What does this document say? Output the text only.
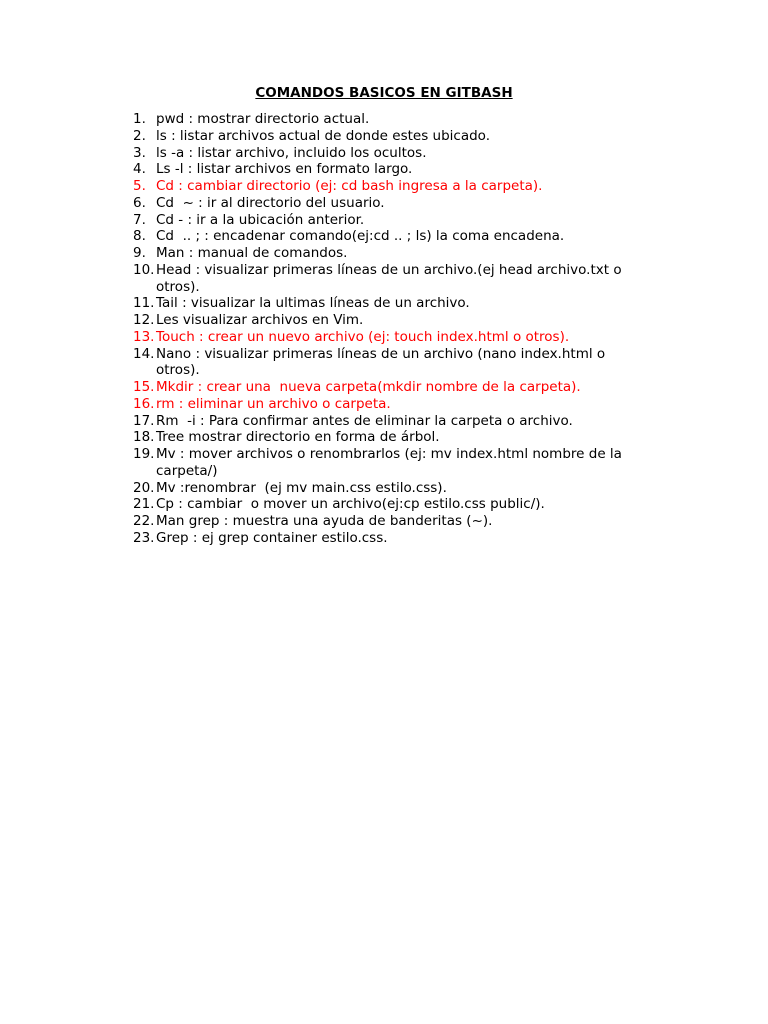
COMANDOS BASICOS EN GITBASH
1. pwd : mostrar directorio actual.
2. ls : listar archivos actual de donde estes ubicado.
3. ls -a : listar archivo, incluido los ocultos.
4. Ls -l : listar archivos en formato largo.
5. Cd : cambiar directorio (ej: cd bash ingresa a la carpeta).
6. Cd  ~ : ir al directorio del usuario.
7. Cd - : ir a la ubicación anterior.
8. Cd  .. ; : encadenar comando(ej:cd .. ; ls) la coma encadena.
9. Man : manual de comandos.
10. Head : visualizar primeras líneas de un archivo.(ej head archivo.txt o otros).
11. Tail : visualizar la ultimas líneas de un archivo.
12. Les visualizar archivos en Vim.
13. Touch : crear un nuevo archivo (ej: touch index.html o otros).
14. Nano : visualizar primeras líneas de un archivo (nano index.html o otros).
15. Mkdir : crear una  nueva carpeta(mkdir nombre de la carpeta).
16. rm : eliminar un archivo o carpeta.
17. Rm  -i : Para confirmar antes de eliminar la carpeta o archivo.
18. Tree mostrar directorio en forma de árbol.
19. Mv : mover archivos o renombrarlos (ej: mv index.html nombre de la carpeta/)
20. Mv :renombrar  (ej mv main.css estilo.css).
21. Cp : cambiar  o mover un archivo(ej:cp estilo.css public/).
22. Man grep : muestra una ayuda de banderitas (~).
23. Grep : ej grep container estilo.css.
